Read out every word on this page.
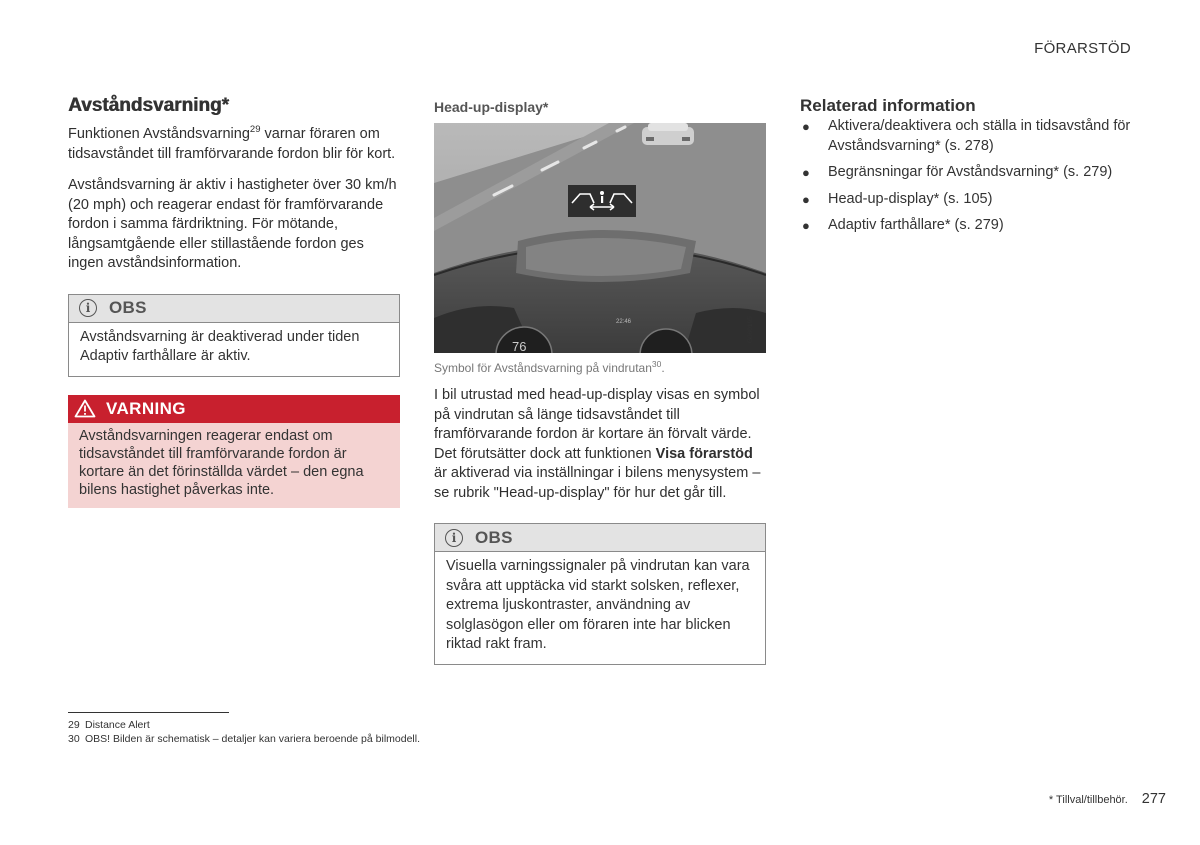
FÖRARSTÖD
Avståndsvarning*

Funktionen Avståndsvarning$^{29}$ varnar föraren om tidsavståndet till framförvarande fordon blir för kort.

Avståndsvarning är aktiv i hastigheter över 30 km/h (20 mph) och reagerar endast för framförvarande fordon i samma färdriktning. För mötande, långsamtgående eller stillastående fordon ges ingen avståndsinformation.

i	OBS
Avståndsvarning är deaktiverad under tiden Adaptiv farthållare är aktiv.
VARNING
Avståndsvarningen reagerar endast om tidsavståndet till framförvarande fordon är kortare än det förinställda värdet – den egna bilens hastighet påverkas inte.
Head-up-display*
76
22:46	G060195
Symbol för Avståndsvarning på vindrutan$^{30}$.

I bil utrustad med head-up-display visas en symbol på vindrutan så länge tidsavståndet till framförvarande fordon är kortare än förvalt värde. Det förutsätter dock att funktionen Visa förarstöd är aktiverad via inställningar i bilens menysystem – se rubrik "Head-up-display" för hur det går till.

i	OBS
Visuella varningssignaler på vindrutan kan vara svåra att upptäcka vid starkt solsken, reflexer, extrema ljuskontraster, användning av solglasögon eller om föraren inte har blicken riktad rakt fram.
Relaterad information
● Aktivera/deaktivera och ställa in tidsavstånd för Avståndsvarning* (s. 278)
● Begränsningar för Avståndsvarning* (s. 279)
● Head-up-display* (s. 105)
● Adaptiv farthållare* (s. 279)
29 Distance Alert
30 OBS! Bilden är schematisk – detaljer kan variera beroende på bilmodell.
* Tillval/tillbehör. 277
